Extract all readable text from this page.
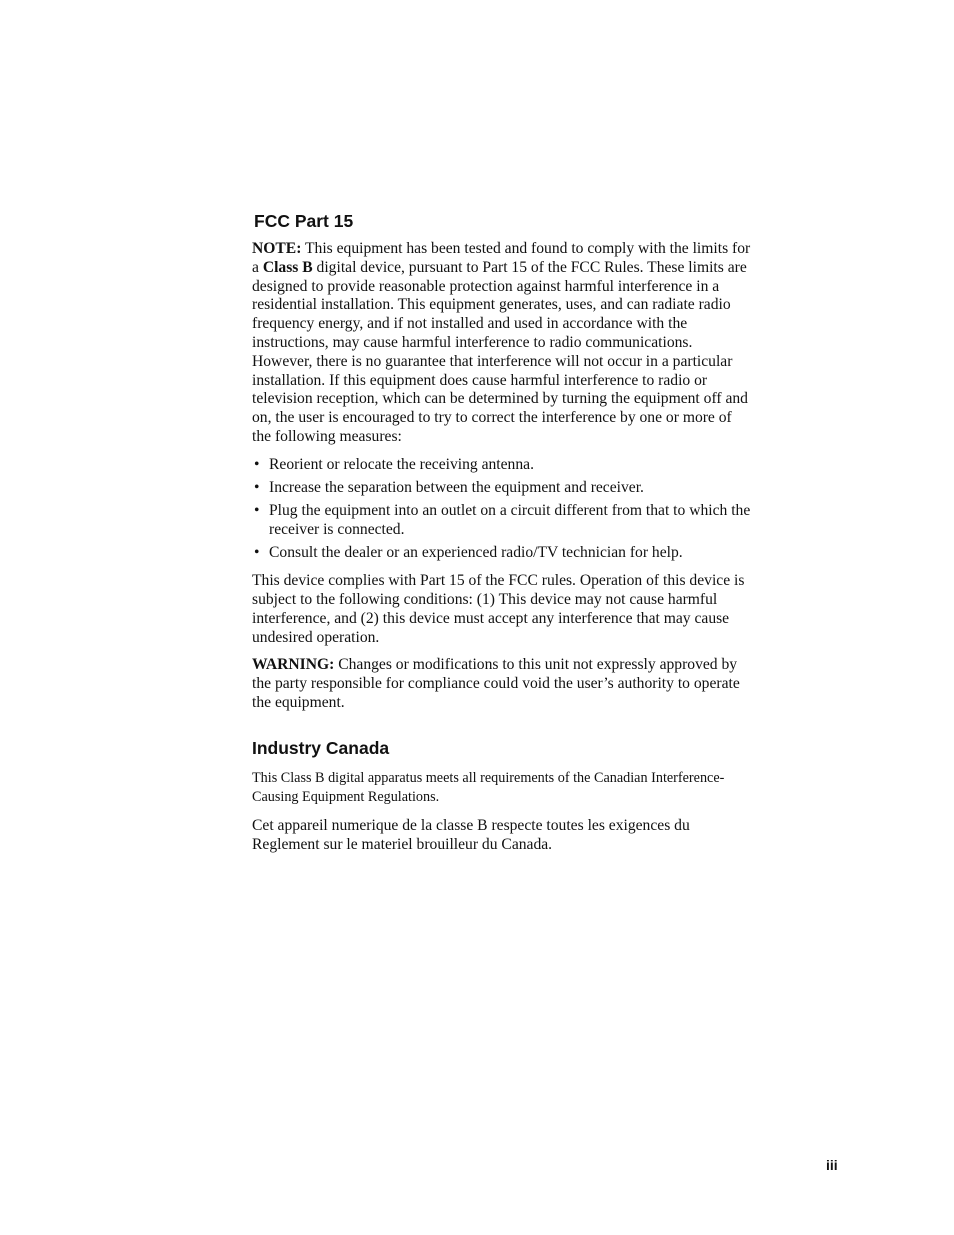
FCC Part 15

NOTE: This equipment has been tested and found to comply with the limits for a Class B digital device, pursuant to Part 15 of the FCC Rules. These limits are designed to provide reasonable protection against harmful interference in a residential installation. This equipment generates, uses, and can radiate radio frequency energy, and if not installed and used in accordance with the instructions, may cause harmful interference to radio communications. However, there is no guarantee that interference will not occur in a particular installation. If this equipment does cause harmful interference to radio or television reception, which can be determined by turning the equipment off and on, the user is encouraged to try to correct the interference by one or more of the following measures:

• Reorient or relocate the receiving antenna.
• Increase the separation between the equipment and receiver.
• Plug the equipment into an outlet on a circuit different from that to which the receiver is connected.
• Consult the dealer or an experienced radio/TV technician for help.

This device complies with Part 15 of the FCC rules. Operation of this device is subject to the following conditions: (1) This device may not cause harmful interference, and (2) this device must accept any interference that may cause undesired operation.

WARNING: Changes or modifications to this unit not expressly approved by the party responsible for compliance could void the user’s authority to operate the equipment.

Industry Canada

This Class B digital apparatus meets all requirements of the Canadian Interference-Causing Equipment Regulations.

Cet appareil numerique de la classe B respecte toutes les exigences du Reglement sur le materiel brouilleur du Canada.

iii
